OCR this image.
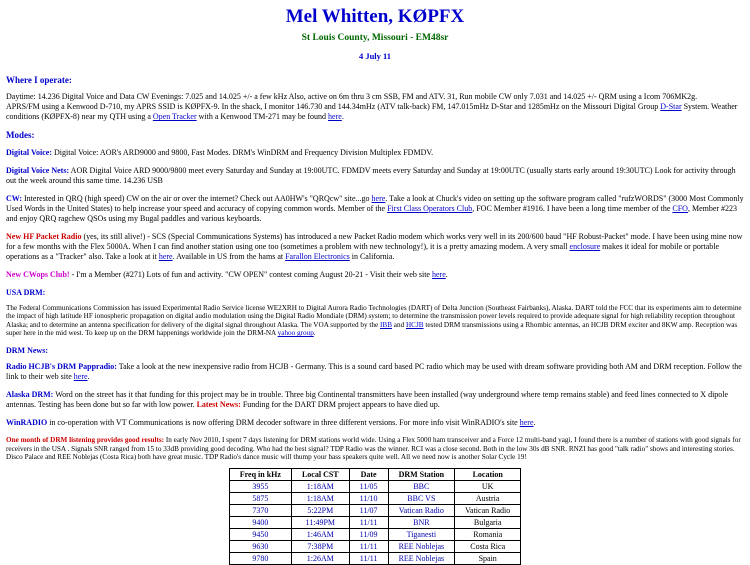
Mel Whitten, KØPFX
St Louis County, Missouri - EM48sr
4 July 11

Where I operate:

Daytime: 14.236 Digital Voice and Data CW Evenings: 7.025 and 14.025 +/- a few kHz Also, active on 6m thru 3 cm SSB, FM and ATV. 31, Run mobile CW only 7.031 and 14.025 +/- QRM using a Icom 706MK2g.
APRS/FM using a Kenwood D-710, my APRS SSID is KØPFX-9. In the shack, I monitor 146.730 and 144.34mHz (ATV talk-back) FM, 147.015mHz D-Star and 1285mHz on the Missouri Digital Group D-Star System. Weather conditions (KØPFX-8) near my QTH using a Open Tracker with a Kenwood TM-271 may be found here.

Modes:

Digital Voice: Digital Voice: AOR's ARD9000 and 9800, Fast Modes. DRM's WinDRM and Frequency Division Multiplex FDMDV.

Digital Voice Nets: AOR Digital Voice ARD 9000/9800 meet every Saturday and Sunday at 19:00UTC. FDMDV meets every Saturday and Sunday at 19:00UTC (usually starts early around 19:30UTC) Look for activity through out the week around this same time. 14.236 USB

CW: Interested in QRQ (high speed) CW on the air or over the internet? Check out AA0HW's "QRQcw" site...go here. Take a look at Chuck's video on setting up the software program called "rufzWORDS" (3000 Most Commonly Used Words in the United States) to help increase your speed and accuracy of copying common words. Member of the First Class Operators Club, FOC Member #1916. I have been a long time member of the CFO, Member #223 and enjoy QRQ ragchew QSOs using my Bugal paddles and various keyboards.

New HF Packet Radio (yes, its still alive!) - SCS (Special Communications Systems) has introduced a new Packet Radio modem which works very well in its 200/600 baud "HF Robust-Packet" mode. I have been using mine now for a few months with the Flex 5000A. When I can find another station using one too (sometimes a problem with new technology!), it is a pretty amazing modem. A very small enclosure makes it ideal for mobile or portable operations as a "Tracker" also. Take a look at it here. Available in US from the hams at Farallon Electronics in California.

New CWops Club! - I'm a Member (#271) Lots of fun and activity. "CW OPEN" contest coming August 20-21 - Visit their web site here.

USA DRM:

The Federal Communications Commission has issued Experimental Radio Service license WE2XRH to Digital Aurora Radio Technologies (DART) of Delta Junction (Southeast Fairbanks), Alaska. DART told the FCC that its experiments aim to determine the impact of high latitude HF ionospheric propagation on digital audio modulation using the Digital Radio Mondiale (DRM) system; to determine the transmission power levels required to provide adequate signal for high reliability reception throughout Alaska; and to determine an antenna specification for delivery of the digital signal throughout Alaska. The VOA supported by the IBB and HCJB tested DRM transmissions using a Rhombic antennas, an HCJB DRM exciter and 8KW amp. Reception was super here in the mid west. To keep up on the DRM happenings worldwide join the DRM-NA yahoo group.

DRM News:

Radio HCJB's DRM Pappradio: Take a look at the new inexpensive radio from HCJB - Germany. This is a sound card based PC radio which may be used with dream software providing both AM and DRM reception. Follow the link to their web site here.

Alaska DRM: Word on the street has it that funding for this project may be in trouble. Three big Continental transmitters have been installed (way underground where temp remains stable) and feed lines connected to X dipole antennas. Testing has been done but so far with low power. Latest News: Funding for the DART DRM project appears to have died up.

WinRADIO in co-operation with VT Communications is now offering DRM decoder software in three different versions. For more info visit WinRADIO's site here.

One month of DRM listening provides good results: In early Nov 2010, I spent 7 days listening for DRM stations world wide. Using a Flex 5000 ham transceiver and a Force 12 multi-band yagi, I found there is a number of stations with good signals for receivers in the USA . Signals SNR ranged from 15 to 33dB providing good decoding. Who had the best signal? TDP Radio was the winner. RCI was a close second. Both in the low 30s dB SNR. RNZI has good "talk radio" shows and interesting stories. Disco Palace and REE Noblejas (Costa Rica) both have great music. TDP Radio's dance music will thump your bass speakers quite well. All we need now is another Solar Cycle 19!

Freq in kHz	Local CST	Date	DRM Station	Location
3955	1:18AM	11/05	BBC	UK
5875	1:18AM	11/10	BBC VS	Austria
7370	5:22PM	11/07	Vatican Radio	Vatican Radio
9400	11:49PM	11/11	BNR	Bulgaria
9450	1:46AM	11/09	Tiganesti	Romania
9630	7:38PM	11/11	REE Noblejas	Costa Rica
9780	1:26AM	11/11	REE Noblejas	Spain
